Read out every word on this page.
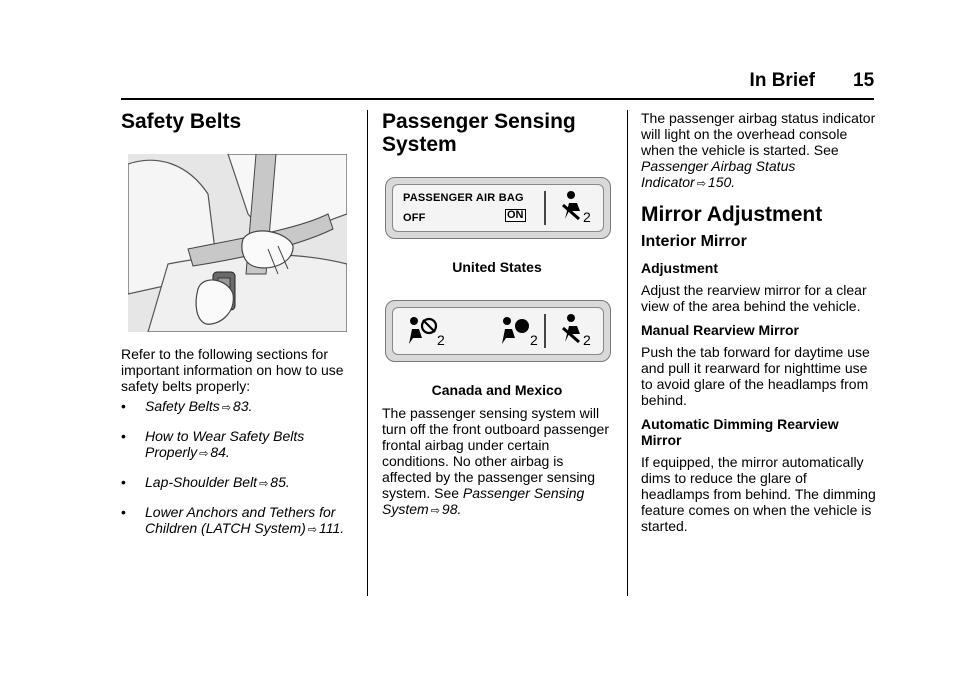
In Brief 15
Safety Belts

Refer to the following sections for important information on how to use safety belts properly:

• Safety Belts ⇨ 83.
• How to Wear Safety Belts Properly ⇨ 84.
• Lap-Shoulder Belt ⇨ 85.
• Lower Anchors and Tethers for Children (LATCH System) ⇨ 111.
Passenger Sensing
System
PASSENGER AIR BAG
OFF	ON	2
United States
2	2	2
Canada and Mexico

The passenger sensing system will turn off the front outboard passenger frontal airbag under certain conditions. No other airbag is affected by the passenger sensing system. See Passenger Sensing System ⇨ 98.

The passenger airbag status indicator will light on the overhead console when the vehicle is started. See Passenger Airbag Status Indicator ⇨ 150.

Mirror Adjustment
Interior Mirror
Adjustment

Adjust the rearview mirror for a clear view of the area behind the vehicle.

Manual Rearview Mirror

Push the tab forward for daytime use and pull it rearward for nighttime use to avoid glare of the headlamps from behind.

Automatic Dimming Rearview Mirror

If equipped, the mirror automatically dims to reduce the glare of headlamps from behind. The dimming feature comes on when the vehicle is started.
